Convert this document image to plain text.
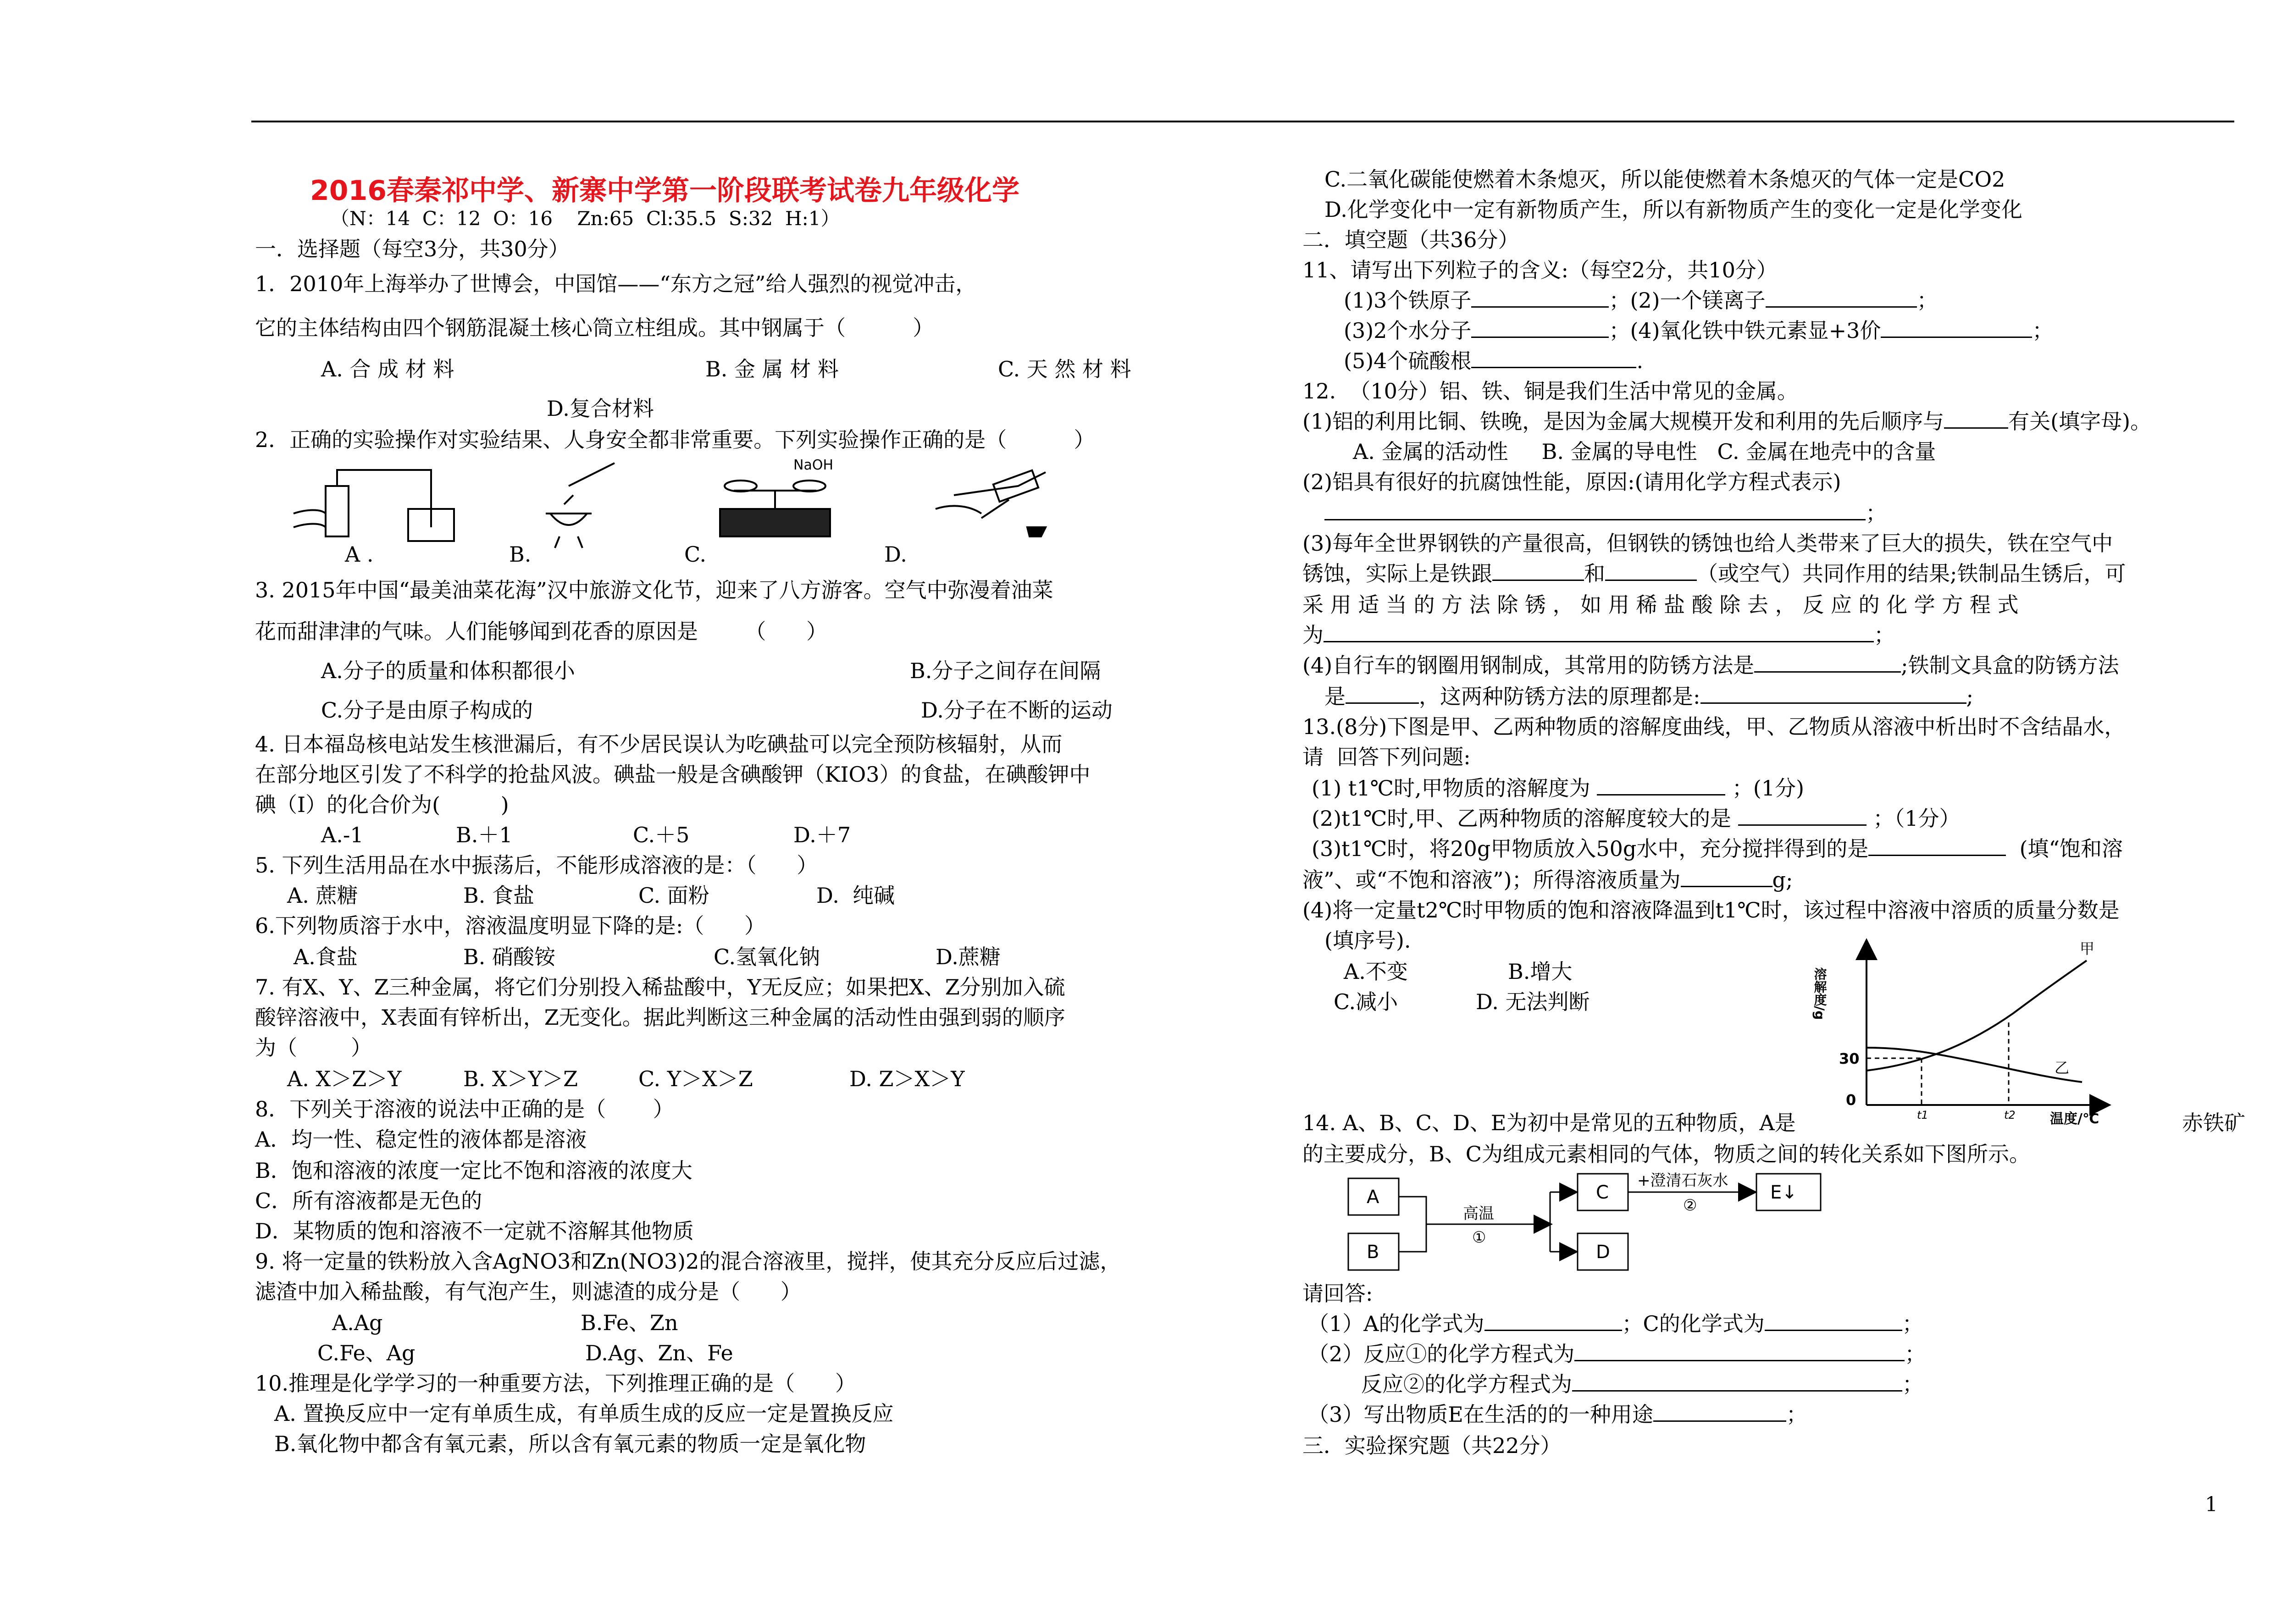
2016春秦祁中学、新寨中学第一阶段联考试卷九年级化学
（N：14  C：12  O：16    Zn:65  Cl:35.5  S:32  H:1）
一．选择题（每空3分，共30分）
1．2010年上海举办了世博会，中国馆——“东方之冠”给人强烈的视觉冲击，
它的主体结构由四个钢筋混凝土核心筒立柱组成。其中钢属于（          ）
A. 合 成 材 料	B. 金 属 材 料	C. 天 然 材 料
D.复合材料
2．正确的实验操作对实验结果、人身安全都非常重要。下列实验操作正确的是（          ）
NaOH
A .	B.	C.	D.
3. 2015年中国“最美油菜花海”汉中旅游文化节，迎来了八方游客。空气中弥漫着油菜
花而甜津津的气味。人们能够闻到花香的原因是       （      ）
A.分子的质量和体积都很小	B.分子之间存在间隔
C.分子是由原子构成的	D.分子在不断的运动
4. 日本福岛核电站发生核泄漏后，有不少居民误认为吃碘盐可以完全预防核辐射，从而
在部分地区引发了不科学的抢盐风波。碘盐一般是含碘酸钾（KIO3）的食盐，在碘酸钾中
碘（I）的化合价为(         )
A.-1	B.＋1	C.＋5	D.＋7
5. 下列生活用品在水中振荡后，不能形成溶液的是：（      ）
A. 蔗糖	B. 食盐	C. 面粉	D.  纯碱
6.下列物质溶于水中，溶液温度明显下降的是:（      ）
A.食盐	B. 硝酸铵	C.氢氧化钠	D.蔗糖
7. 有X、Y、Z三种金属，将它们分别投入稀盐酸中，Y无反应；如果把X、Z分别加入硫
酸锌溶液中，X表面有锌析出，Z无变化。据此判断这三种金属的活动性由强到弱的顺序
为（        ）
A. X＞Z＞Y	B. X＞Y＞Z	C. Y＞X＞Z	D. Z＞X＞Y
8．下列关于溶液的说法中正确的是（       ）
A．均一性、稳定性的液体都是溶液
B．饱和溶液的浓度一定比不饱和溶液的浓度大
C．所有溶液都是无色的
D．某物质的饱和溶液不一定就不溶解其他物质
9. 将一定量的铁粉放入含AgNO3和Zn(NO3)2的混合溶液里，搅拌，使其充分反应后过滤，
滤渣中加入稀盐酸，有气泡产生，则滤渣的成分是（      ）
A.Ag	B.Fe、Zn
C.Fe、Ag	D.Ag、Zn、Fe
10.推理是化学学习的一种重要方法，下列推理正确的是（      ）
A. 置换反应中一定有单质生成，有单质生成的反应一定是置换反应
B.氧化物中都含有氧元素，所以含有氧元素的物质一定是氧化物
C.二氧化碳能使燃着木条熄灭，所以能使燃着木条熄灭的气体一定是CO2
D.化学变化中一定有新物质产生，所以有新物质产生的变化一定是化学变化
二．填空题（共36分）
11、请写出下列粒子的含义:（每空2分，共10分）
(1)3个铁原子	；(2)一个镁离子	；
(3)2个水分子	；(4)氧化铁中铁元素显+3价	；
(5)4个硫酸根	.
12.  （10分）铝、铁、铜是我们生活中常见的金属。
(1)铝的利用比铜、铁晚，是因为金属大规模开发和利用的先后顺序与	有关(填字母)。
A. 金属的活动性     B. 金属的导电性   C. 金属在地壳中的含量
(2)铝具有很好的抗腐蚀性能，原因:(请用化学方程式表示)
；
(3)每年全世界钢铁的产量很高，但钢铁的锈蚀也给人类带来了巨大的损失，铁在空气中
锈蚀，实际上是铁跟	和	（或空气）共同作用的结果;铁制品生锈后，可
采 用 适 当 的 方 法 除 锈 ， 如 用 稀 盐 酸 除 去 ， 反 应 的 化 学 方 程 式
为	；
(4)自行车的钢圈用钢制成，其常用的防锈方法是	;铁制文具盒的防锈方法
是	，这两种防锈方法的原理都是:	;
13.(8分)下图是甲、乙两种物质的溶解度曲线，甲、乙物质从溶液中析出时不含结晶水，
请  回答下列问题:
(1) t1℃时,甲物质的溶解度为	；(1分)
(2)t1℃时,甲、乙两种物质的溶解度较大的是	；（1分）
(3)t1℃时，将20g甲物质放入50g水中，充分搅拌得到的是	(填“饱和溶
液”、或“不饱和溶液”)；所得溶液质量为	g;
(4)将一定量t2℃时甲物质的饱和溶液降温到t1℃时，该过程中溶液中溶质的质量分数是
(填序号).
A.不变	B.增大
C.减小	D. 无法判断	溶解度/g
30
0
甲
乙
t1	t2	温度/℃
14. A、B、C、D、E为初中是常见的五种物质，A是	赤铁矿
的主要成分，B、C为组成元素相同的气体，物质之间的转化关系如下图所示。
A
B
C
D
E↓
高温
①
+澄清石灰水
②
请回答:
（1）A的化学式为	；C的化学式为	；
（2）反应①的化学方程式为	；
反应②的化学方程式为	；
（3）写出物质E在生活的的一种用途	；
三．实验探究题（共22分）
1
